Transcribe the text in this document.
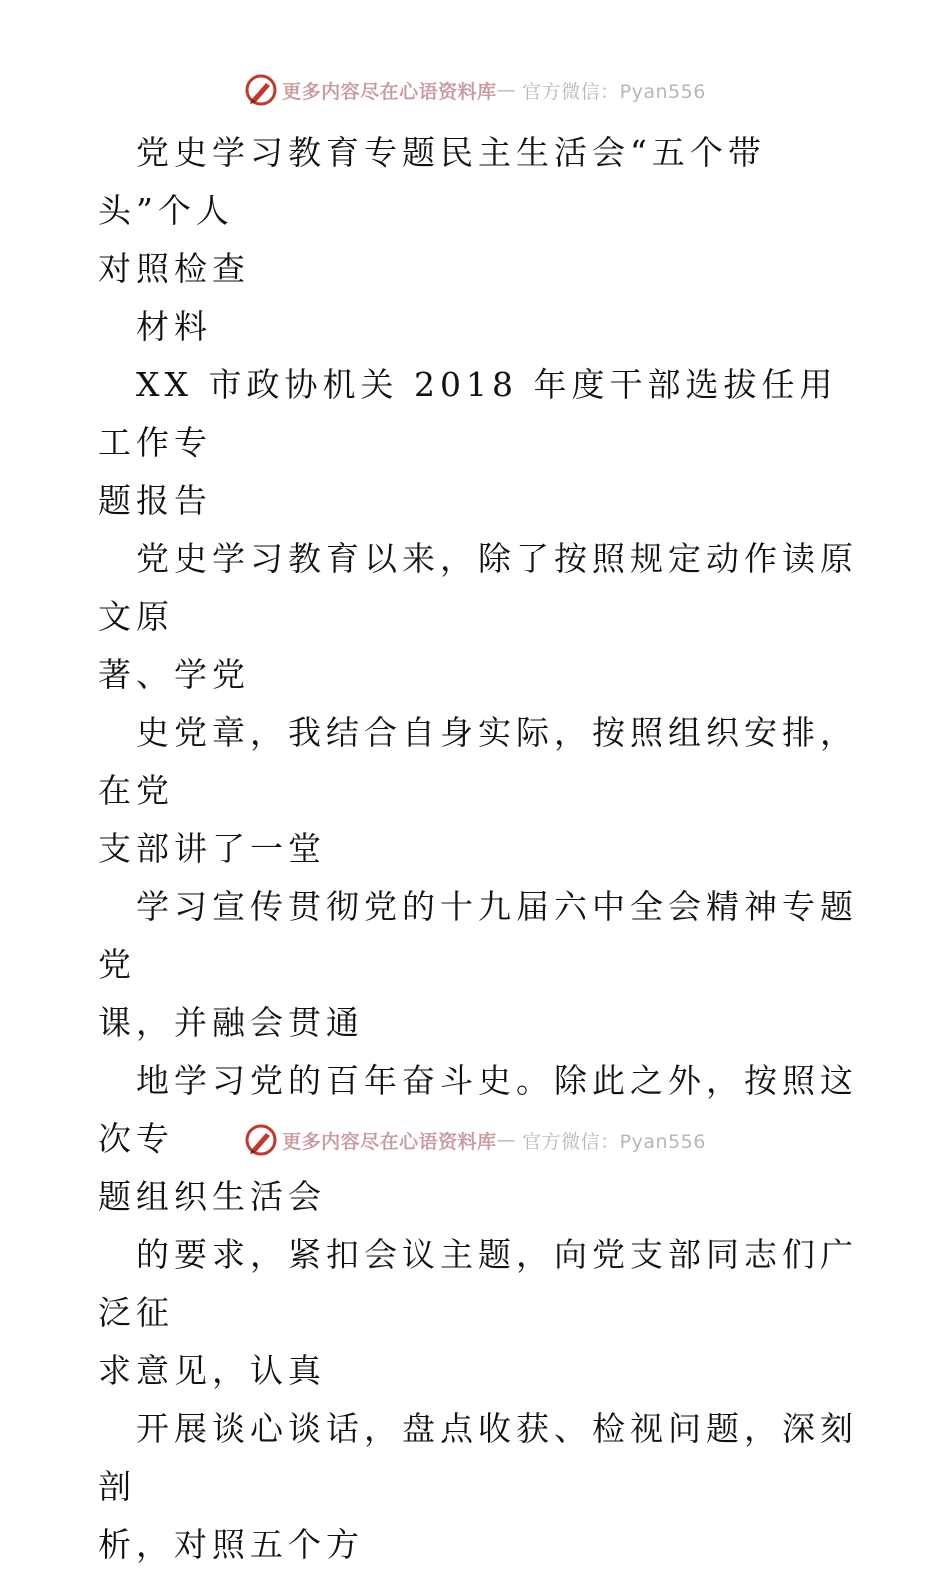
更多内容尽在心语资料库 — 官方微信：Pyan556

党史学习教育专题民主生活会“五个带头”个人
对照检查

材料

XX 市政协机关 2018 年度干部选拔任用工作专
题报告

党史学习教育以来，除了按照规定动作读原文原
著、学党

史党章，我结合自身实际，按照组织安排，在党
支部讲了一堂

学习宣传贯彻党的十九届六中全会精神专题党
课，并融会贯通

地学习党的百年奋斗史。除此之外，按照这次专
题组织生活会

的要求，紧扣会议主题，向党支部同志们广泛征
求意见，认真

开展谈心谈话，盘点收获、检视问题，深刻剖
析，对照五个方

更多内容尽在心语资料库 — 官方微信：Pyan556
